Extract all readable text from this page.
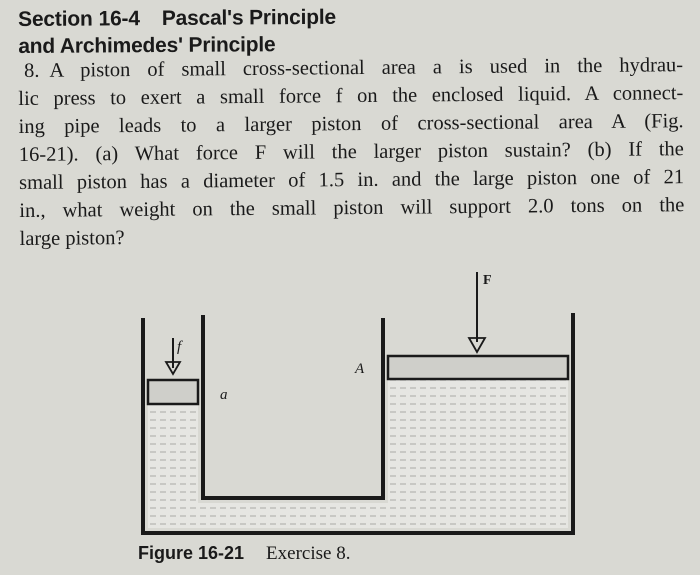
Section 16-4 Pascal's Principle
and Archimedes' Principle
8. A piston of small cross-sectional area a is used in the hydrau-
lic press to exert a small force f on the enclosed liquid. A connect-
ing pipe leads to a larger piston of cross-sectional area A (Fig.
16-21). (a) What force F will the larger piston sustain? (b) If the
small piston has a diameter of 1.5 in. and the large piston one of 21
in., what weight on the small piston will support 2.0 tons on the
large piston?
f
F
a
A
Figure 16-21 Exercise 8.
